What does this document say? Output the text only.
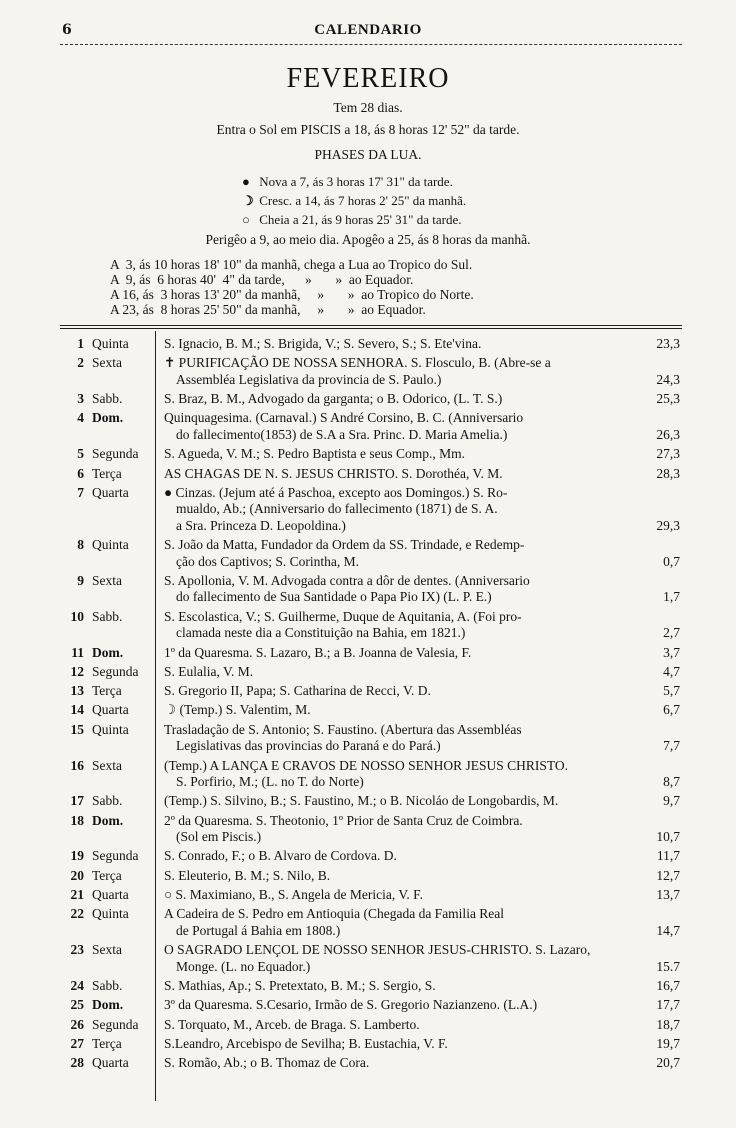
6	CALENDARIO
FEVEREIRO
Tem 28 dias.
Entra o Sol em PISCIS a 18, ás 8 horas 12' 52" da tarde.
PHASES DA LUA.
● Nova a 7, ás 3 horas 17' 31" da tarde.
☽ Cresc. a 14, ás 7 horas 2' 25" da manhã.
○ Cheia a 21, ás 9 horas 25' 31" da tarde.
Perigêo a 9, ao meio dia. Apogêo a 25, ás 8 horas da manhã.
A  3, ás 10 horas 18' 10" da manhã, chega a Lua ao Tropico do Sul.
A  9, ás  6 horas 40'  4" da tarde,      »       »  ao Equador.
A 16, ás  3 horas 13' 20" da manhã,     »       »  ao Tropico do Norte.
A 23, ás  8 horas 25' 50" da manhã,     »       »  ao Equador.
1 Quinta	S. Ignacio, B. M.; S. Brigida, V.; S. Severo, S.; S. Ete'vina.	23,3
2 Sexta	✝ PURIFICAÇÃO DE NOSSA SENHORA. S. Flosculo, B. (Abre-se a
Assembléa Legislativa da provincia de S. Paulo.)	24,3
3 Sabb.	S. Braz, B. M., Advogado da garganta; o B. Odorico, (L. T. S.)	25,3
4 Dom.	Quinquagesima. (Carnaval.) S André Corsino, B. C. (Anniversario
do fallecimento(1853) de S.A a Sra. Princ. D. Maria Amelia.)	26,3
5 Segunda	S. Agueda, V. M.; S. Pedro Baptista e seus Comp., Mm.	27,3
6 Terça	AS CHAGAS DE N. S. JESUS CHRISTO. S. Dorothéa, V. M.	28,3
7 Quarta	● Cinzas. (Jejum até á Paschoa, excepto aos Domingos.) S. Ro-
mualdo, Ab.; (Anniversario do fallecimento (1871) de S. A.
a Sra. Princeza D. Leopoldina.)	29,3
8 Quinta	S. João da Matta, Fundador da Ordem da SS. Trindade, e Redemp-
ção dos Captivos; S. Corintha, M.	0,7
9 Sexta	S. Apollonia, V. M. Advogada contra a dôr de dentes. (Anniversario
do fallecimento de Sua Santidade o Papa Pio IX) (L. P. E.)	1,7
10 Sabb.	S. Escolastica, V.; S. Guilherme, Duque de Aquitania, A. (Foi pro-
clamada neste dia a Constituição na Bahia, em 1821.)	2,7
11 Dom.	1º da Quaresma. S. Lazaro, B.; a B. Joanna de Valesia, F.	3,7
12 Segunda	S. Eulalia, V. M.	4,7
13 Terça	S. Gregorio II, Papa; S. Catharina de Recci, V. D.	5,7
14 Quarta	☽ (Temp.) S. Valentim, M.	6,7
15 Quinta	Trasladação de S. Antonio; S. Faustino. (Abertura das Assembléas
Legislativas das provincias do Paraná e do Pará.)	7,7
16 Sexta	(Temp.) A LANÇA E CRAVOS DE NOSSO SENHOR JESUS CHRISTO.
S. Porfirio, M.; (L. no T. do Norte)	8,7
17 Sabb.	(Temp.) S. Silvino, B.; S. Faustino, M.; o B. Nicoláo de Longobardis, M.	9,7
18 Dom.	2º da Quaresma. S. Theotonio, 1º Prior de Santa Cruz de Coimbra.
(Sol em Piscis.)	10,7
19 Segunda	S. Conrado, F.; o B. Alvaro de Cordova. D.	11,7
20 Terça	S. Eleuterio, B. M.; S. Nilo, B.	12,7
21 Quarta	○ S. Maximiano, B., S. Angela de Mericia, V. F.	13,7
22 Quinta	A Cadeira de S. Pedro em Antioquia (Chegada da Familia Real
de Portugal á Bahia em 1808.)	14,7
23 Sexta	O SAGRADO LENÇOL DE NOSSO SENHOR JESUS-CHRISTO. S. Lazaro,
Monge. (L. no Equador.)	15.7
24 Sabb.	S. Mathias, Ap.; S. Pretextato, B. M.; S. Sergio, S.	16,7
25 Dom.	3º da Quaresma. S.Cesario, Irmão de S. Gregorio Nazianzeno. (L.A.)	17,7
26 Segunda	S. Torquato, M., Arceb. de Braga. S. Lamberto.	18,7
27 Terça	S.Leandro, Arcebispo de Sevilha; B. Eustachia, V. F.	19,7
28 Quarta	S. Romão, Ab.; o B. Thomaz de Cora.	20,7
